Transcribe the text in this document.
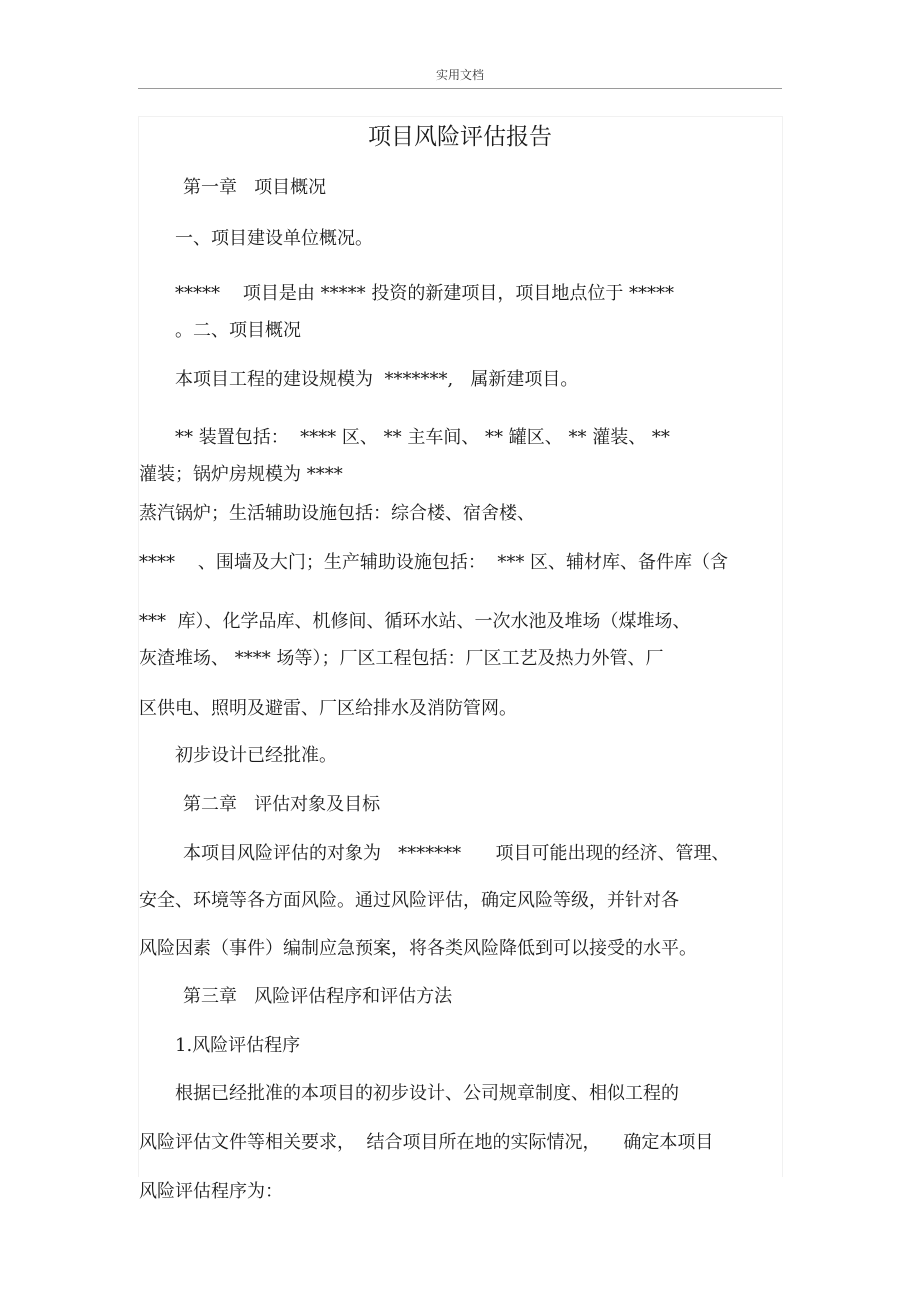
实用文档
项目风险评估报告
第一章   项目概况
一、项目建设单位概况。
*****    项目是由 ***** 投资的新建项目，项目地点位于 *****
。二、项目概况
本项目工程的建设规模为  *******,   属新建项目。
** 装置包括：  **** 区、 ** 主车间、 ** 罐区、 ** 灌装、 **
灌装；锅炉房规模为 ****
蒸汽锅炉；生活辅助设施包括：综合楼、宿舍楼、
****    、围墙及大门；生产辅助设施包括：  *** 区、辅材库、备件库（含
***  库）、化学品库、机修间、循环水站、一次水池及堆场（煤堆场、
灰渣堆场、 **** 场等）；厂区工程包括：厂区工艺及热力外管、厂
区供电、照明及避雷、厂区给排水及消防管网。
初步设计已经批准。
第二章   评估对象及目标
本项目风险评估的对象为   *******      项目可能出现的经济、管理、
安全、环境等各方面风险。通过风险评估，确定风险等级，并针对各
风险因素（事件）编制应急预案，将各类风险降低到可以接受的水平。
第三章   风险评估程序和评估方法
1.风险评估程序
根据已经批准的本项目的初步设计、公司规章制度、相似工程的
风险评估文件等相关要求，  结合项目所在地的实际情况，    确定本项目
风险评估程序为：
